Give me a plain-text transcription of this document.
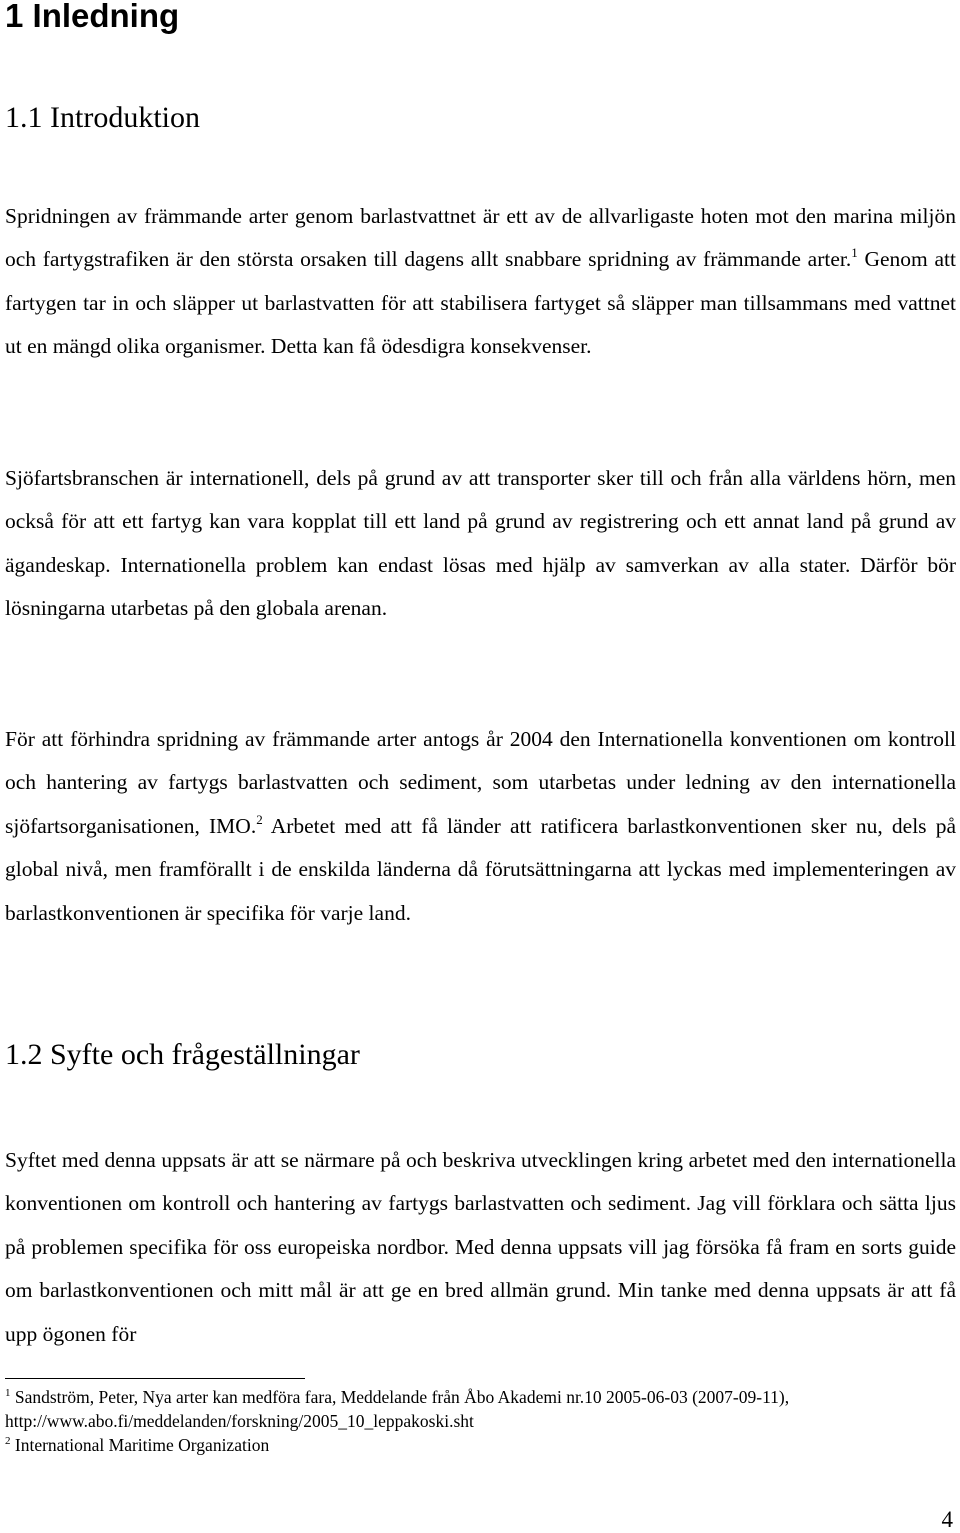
1 Inledning
1.1 Introduktion

Spridningen av främmande arter genom barlastvattnet är ett av de allvarligaste hoten mot den marina miljön och fartygstrafiken är den största orsaken till dagens allt snabbare spridning av främmande arter.$^1$ Genom att fartygen tar in och släpper ut barlastvatten för att stabilisera fartyget så släpper man tillsammans med vattnet ut en mängd olika organismer. Detta kan få ödesdigra konsekvenser.

Sjöfartsbranschen är internationell, dels på grund av att transporter sker till och från alla världens hörn, men också för att ett fartyg kan vara kopplat till ett land på grund av registrering och ett annat land på grund av ägandeskap. Internationella problem kan endast lösas med hjälp av samverkan av alla stater. Därför bör lösningarna utarbetas på den globala arenan.

För att förhindra spridning av främmande arter antogs år 2004 den Internationella konventionen om kontroll och hantering av fartygs barlastvatten och sediment, som utarbetas under ledning av den internationella sjöfartsorganisationen, IMO.$^2$ Arbetet med att få länder att ratificera barlastkonventionen sker nu, dels på global nivå, men framförallt i de enskilda länderna då förutsättningarna att lyckas med implementeringen av barlastkonventionen är specifika för varje land.

1.2 Syfte och frågeställningar

Syftet med denna uppsats är att se närmare på och beskriva utvecklingen kring arbetet med den internationella konventionen om kontroll och hantering av fartygs barlastvatten och sediment. Jag vill förklara och sätta ljus på problemen specifika för oss europeiska nordbor. Med denna uppsats vill jag försöka få fram en sorts guide om barlastkonventionen och mitt mål är att ge en bred allmän grund. Min tanke med denna uppsats är att få upp ögonen för

$^1$ Sandström, Peter, Nya arter kan medföra fara, Meddelande från Åbo Akademi nr.10 2005-06-03 (2007-09-11),
http://www.abo.fi/meddelanden/forskning/2005_10_leppakoski.sht

$^2$ International Maritime Organization

4
